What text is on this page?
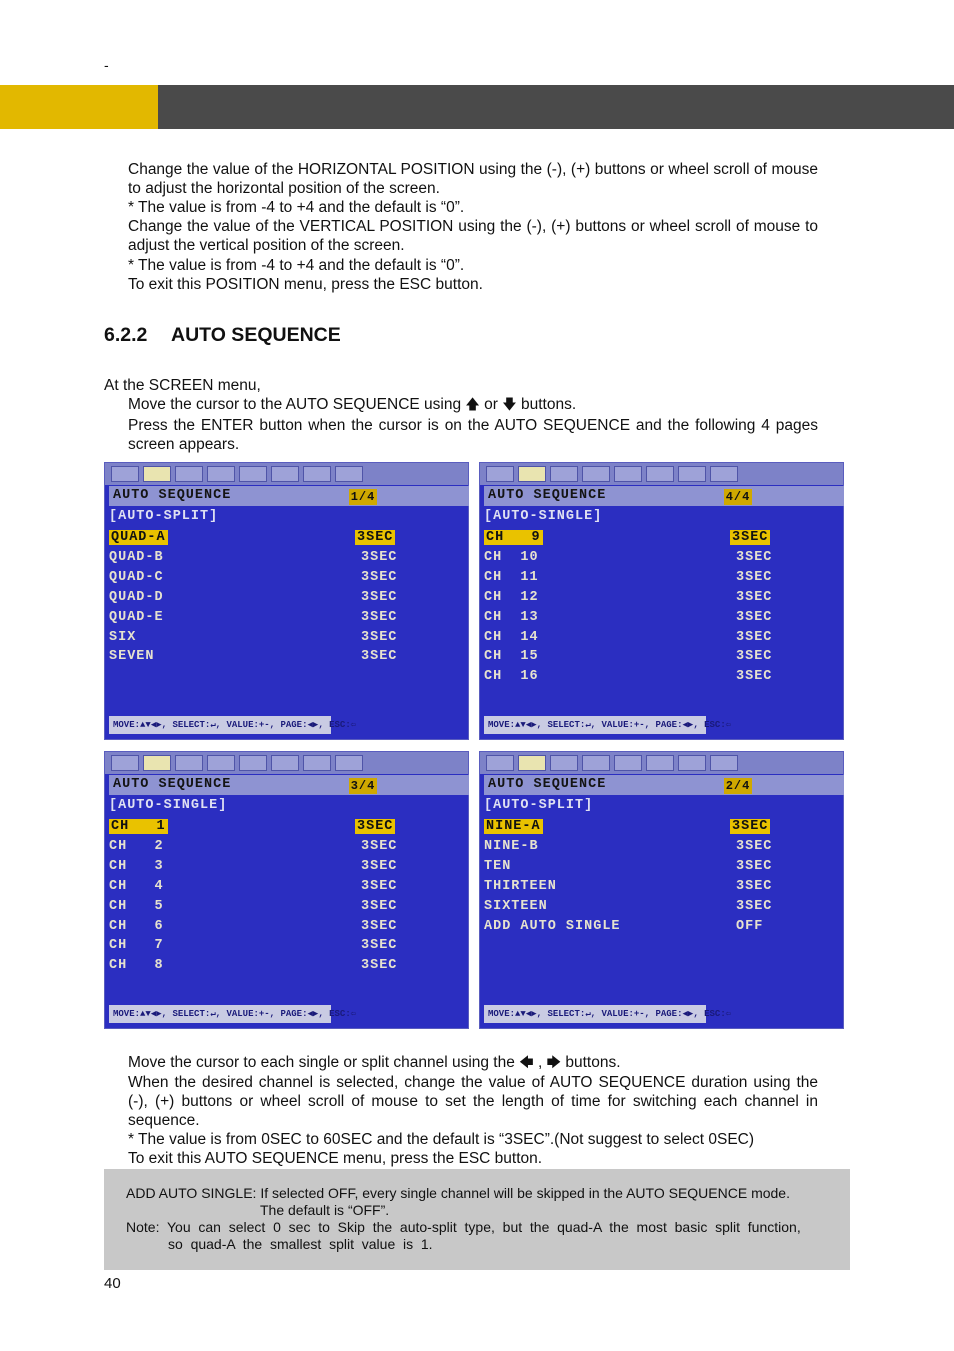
-
Change the value of the HORIZONTAL POSITION using the (-), (+) buttons or wheel scroll of mouse to adjust the horizontal position of the screen.
* The value is from -4 to +4 and the default is “0”.
Change the value of the VERTICAL POSITION using the (-), (+) buttons or wheel scroll of mouse to adjust the vertical position of the screen.
* The value is from -4 to +4 and the default is “0”.
To exit this POSITION menu, press the ESC button.
6.2.2 AUTO SEQUENCE
At the SCREEN menu,
Move the cursor to the AUTO SEQUENCE using 🡅 or 🡇 buttons.
Press the ENTER button when the cursor is on the AUTO SEQUENCE and the following 4 pages screen appears.
AUTO SEQUENCE	1/4
[AUTO-SPLIT]
QUAD-A	3SEC
QUAD-B	3SEC
QUAD-C	3SEC
QUAD-D	3SEC
QUAD-E	3SEC
SIX	3SEC
SEVEN	3SEC
MOVE:▲▼◀▶, SELECT:↵, VALUE:+-, PAGE:◀▶, ESC:⇦
AUTO SEQUENCE	4/4
[AUTO-SINGLE]
CH   9	3SEC
CH  10	3SEC
CH  11	3SEC
CH  12	3SEC
CH  13	3SEC
CH  14	3SEC
CH  15	3SEC
CH  16	3SEC
MOVE:▲▼◀▶, SELECT:↵, VALUE:+-, PAGE:◀▶, ESC:⇦
AUTO SEQUENCE	3/4
[AUTO-SINGLE]
CH   1	3SEC
CH   2	3SEC
CH   3	3SEC
CH   4	3SEC
CH   5	3SEC
CH   6	3SEC
CH   7	3SEC
CH   8	3SEC
MOVE:▲▼◀▶, SELECT:↵, VALUE:+-, PAGE:◀▶, ESC:⇦
AUTO SEQUENCE	2/4
[AUTO-SPLIT]
NINE-A	3SEC
NINE-B	3SEC
TEN	3SEC
THIRTEEN	3SEC
SIXTEEN	3SEC
ADD AUTO SINGLE	OFF
MOVE:▲▼◀▶, SELECT:↵, VALUE:+-, PAGE:◀▶, ESC:⇦
Move the cursor to each single or split channel using the 🡄 , 🡆 buttons.
When the desired channel is selected, change the value of AUTO SEQUENCE duration using the (-), (+) buttons or wheel scroll of mouse to set the length of time for switching each channel in sequence.
* The value is from 0SEC to 60SEC and the default is “3SEC”.(Not suggest to select 0SEC)
To exit this AUTO SEQUENCE menu, press the ESC button.
ADD AUTO SINGLE: If selected OFF, every single channel will be skipped in the AUTO SEQUENCE mode.
The default is “OFF”.
Note:  You  can  select  0  sec  to  Skip  the  auto-split  type,  but  the  quad-A  the  most  basic  split  function,
so  quad-A  the  smallest  split  value  is  1.
40
